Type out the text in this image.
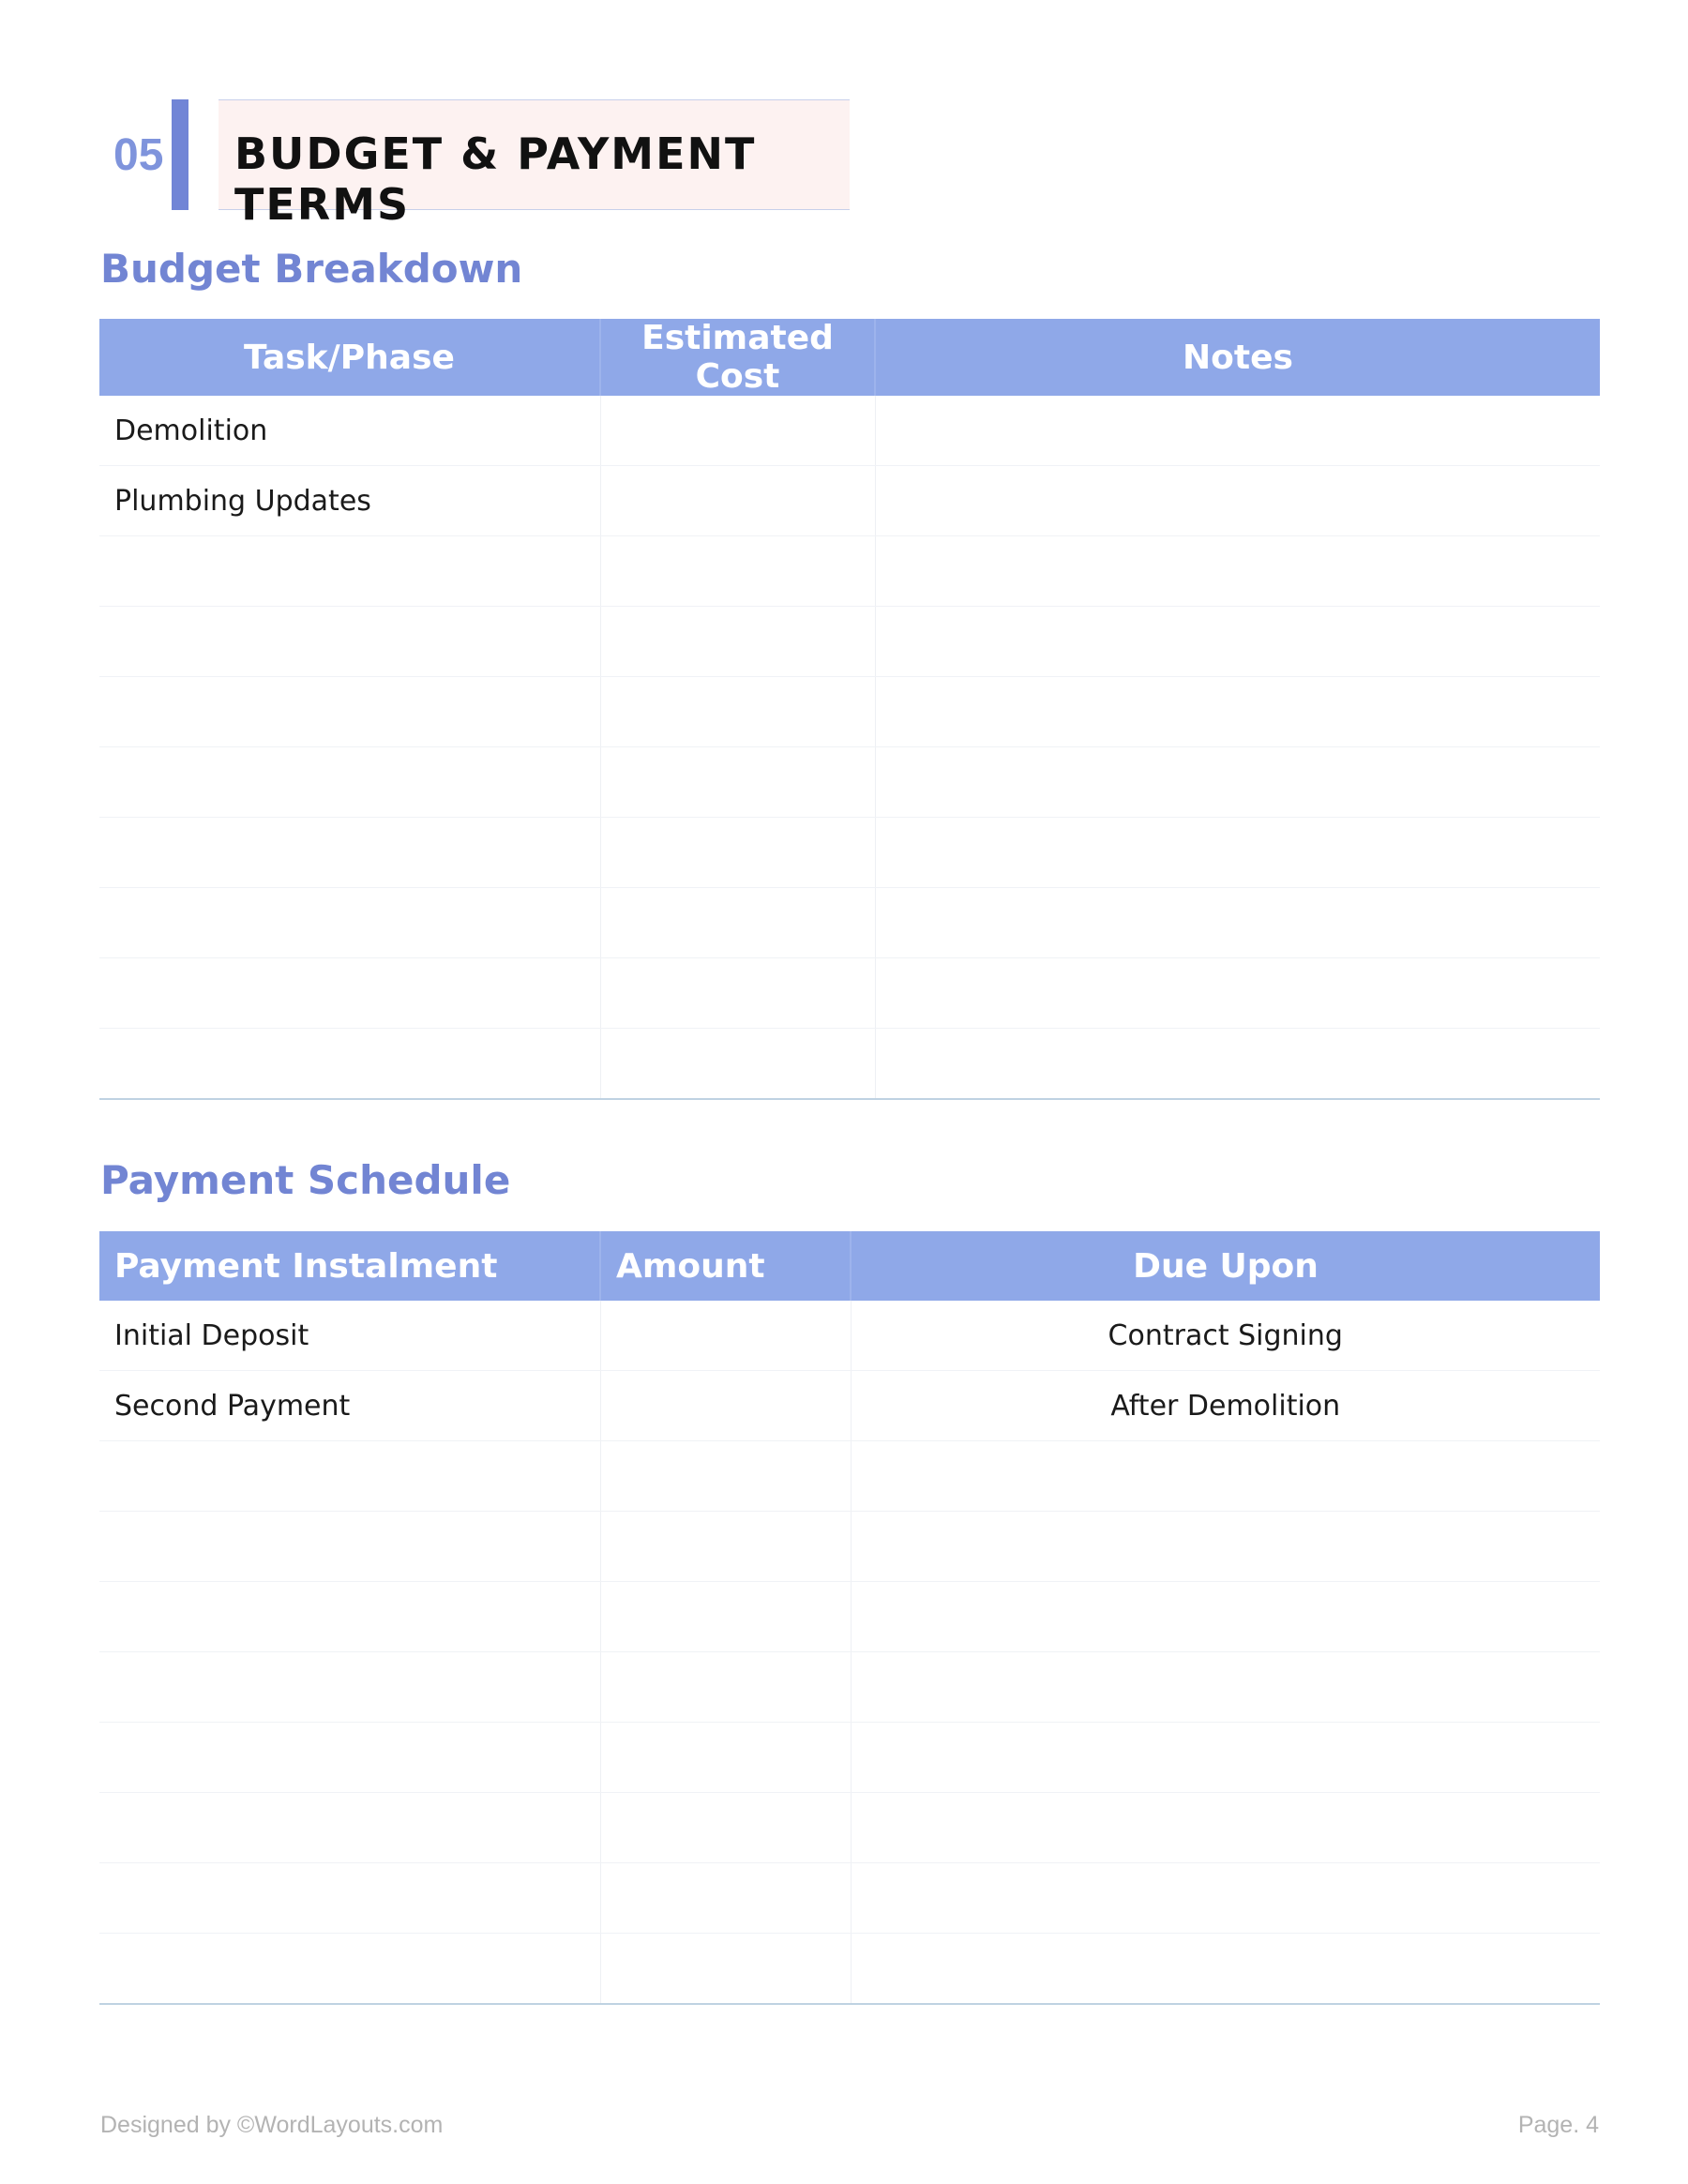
05 BUDGET & PAYMENT TERMS
Budget Breakdown
Task/Phase	Estimated Cost	Notes
Demolition		
Plumbing Updates		

Payment Schedule
Payment Instalment	Amount	Due Upon
Initial Deposit		Contract Signing
Second Payment		After Demolition

Designed by ©WordLayouts.com	Page. 4
